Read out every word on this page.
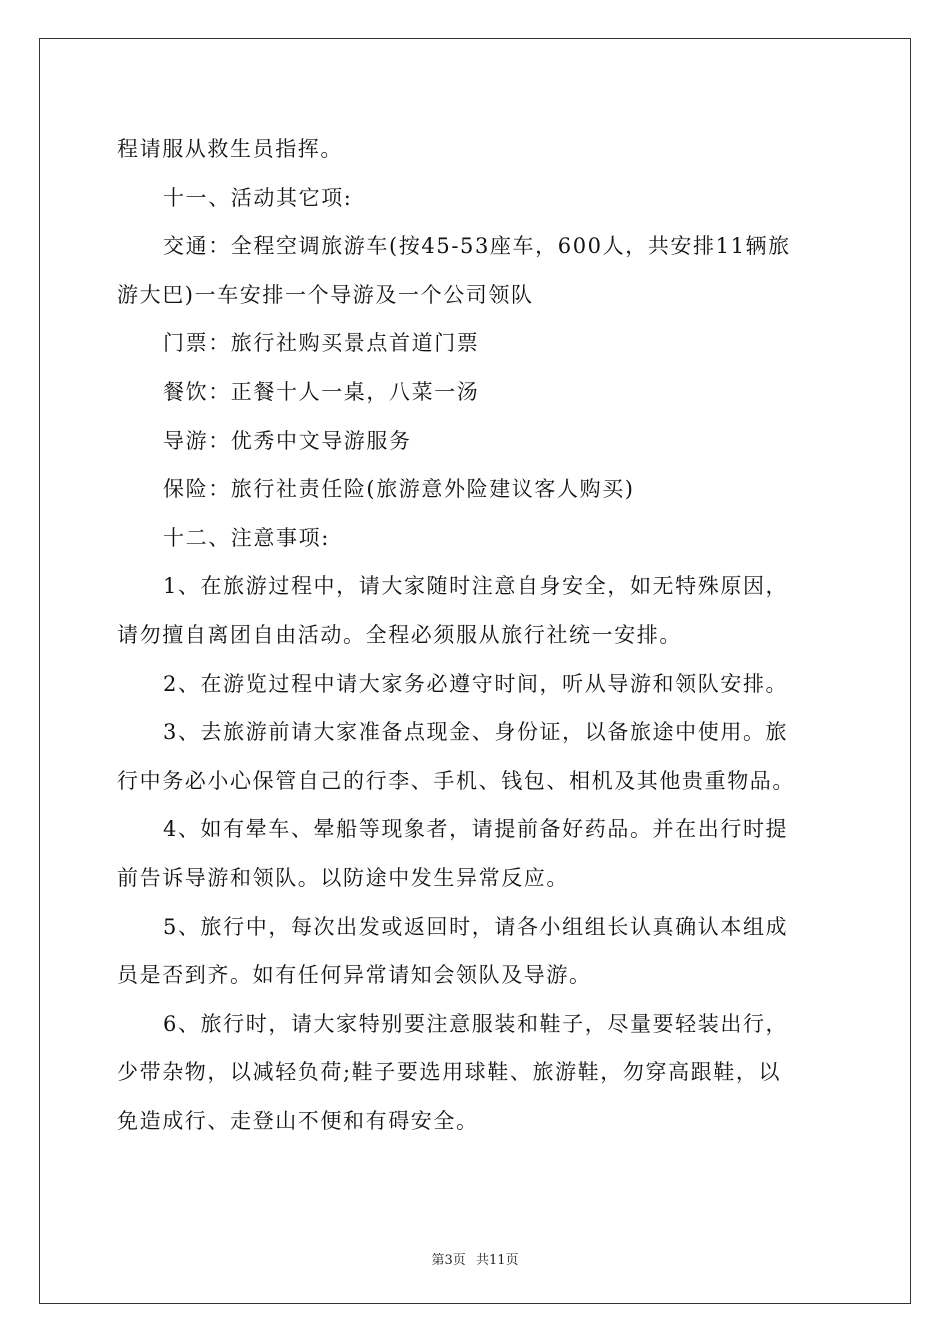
程请服从救生员指挥。
十一、活动其它项:
交通：全程空调旅游车(按45-53座车，600人，共安排11辆旅
游大巴)一车安排一个导游及一个公司领队
门票：旅行社购买景点首道门票
餐饮：正餐十人一桌，八菜一汤
导游：优秀中文导游服务
保险：旅行社责任险(旅游意外险建议客人购买)
十二、注意事项:
1、在旅游过程中，请大家随时注意自身安全，如无特殊原因，
请勿擅自离团自由活动。全程必须服从旅行社统一安排。
2、在游览过程中请大家务必遵守时间，听从导游和领队安排。
3、去旅游前请大家准备点现金、身份证，以备旅途中使用。旅
行中务必小心保管自己的行李、手机、钱包、相机及其他贵重物品。
4、如有晕车、晕船等现象者，请提前备好药品。并在出行时提
前告诉导游和领队。以防途中发生异常反应。
5、旅行中，每次出发或返回时，请各小组组长认真确认本组成
员是否到齐。如有任何异常请知会领队及导游。
6、旅行时，请大家特别要注意服装和鞋子，尽量要轻装出行，
少带杂物，以减轻负荷;鞋子要选用球鞋、旅游鞋，勿穿高跟鞋，以
免造成行、走登山不便和有碍安全。
第3页 共11页
